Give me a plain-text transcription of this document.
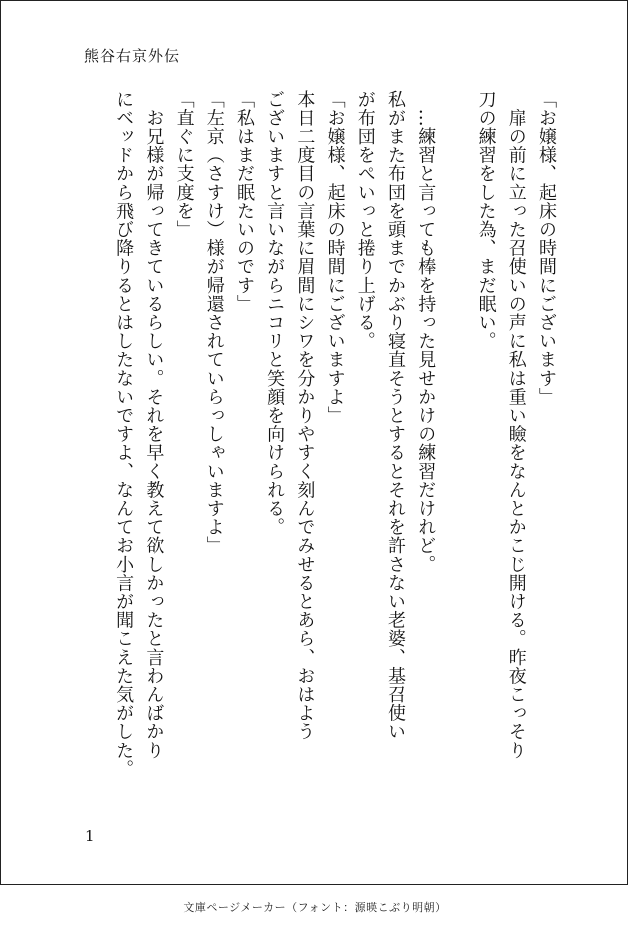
熊谷右京外伝

「お嬢様、起床の時間にございます」

　扉の前に立った召使いの声に私は重い瞼をなんとかこじ開ける。昨夜こっそり

刀の練習をした為、まだ眠い。

　…練習と言っても棒を持った見せかけの練習だけれど。

私がまた布団を頭までかぶり寝直そうとするとそれを許さない老婆、基召使い

が布団をぺいっと捲り上げる。

「お嬢様、起床の時間にございますよ」

本日二度目の言葉に眉間にシワを分かりやすく刻んでみせるとあら、おはよう

ございますと言いながらニコリと笑顔を向けられる。

「私はまだ眠たいのです」

「左京（さすけ）様が帰還されていらっしゃいますよ」

「直ぐに支度を」

　お兄様が帰ってきているらしい。それを早く教えて欲しかったと言わんばかり

にベッドから飛び降りるとはしたないですよ、なんてお小言が聞こえた気がした。

1
文庫ページメーカー（フォント：源暎こぶり明朝）
